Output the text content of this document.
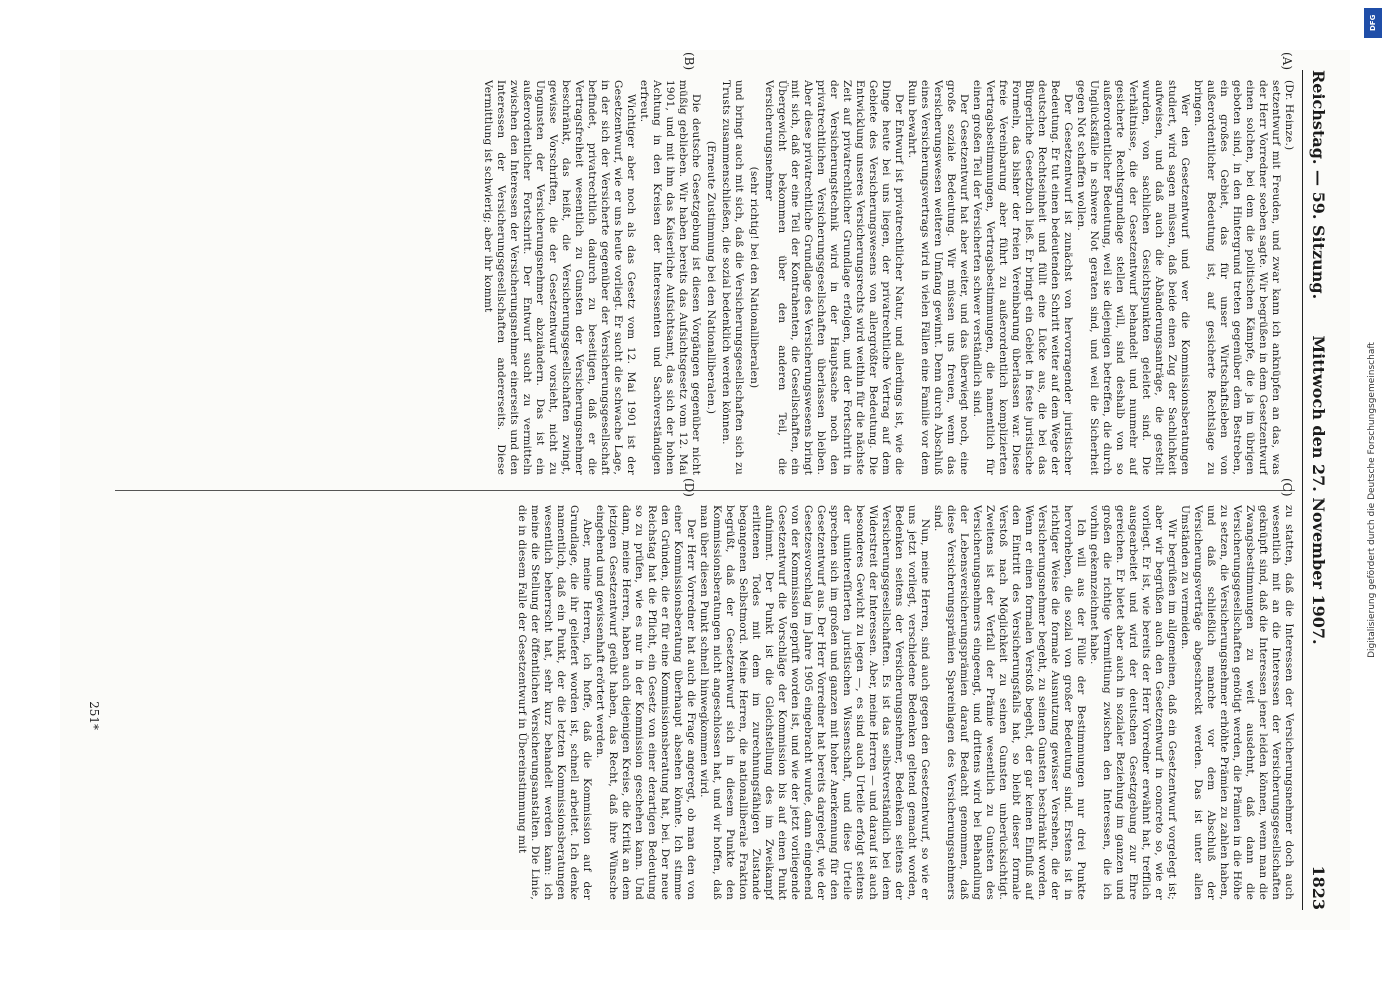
Reichstag. — 59. Sitzung.
Mittwoch den 27. November 1907.
1823

(Dr. Heinze.)

setzentwurf mit Freuden, und zwar kann ich anknüpfen an das, was der Herr Vorredner soeben sagte. Wir begrüßen in dem Gesetzentwurf einen solchen, bei dem die politischen Kämpfe, die ja im übrigen geboten sind, in den Hintergrund treten gegenüber dem Bestreben, ein großes Gebiet, das für unser Wirtschaftsleben von außerordentlicher Bedeutung ist, auf gesicherte Rechtslage zu bringen.

Wer den Gesetzentwurf und wer die Kommissionsberatungen studiert, wird sagen müssen, daß beide einen Zug der Sachlichkeit aufweisen, und daß auch die Abänderungsanträge, die gestellt wurden, von sachlichen Gesichtspunkten geleitet sind. Die Verhältnisse, die der Gesetzentwurf behandelt und nunmehr auf gesicherte Rechtsgrundlage stellen will, sind deshalb von so außerordentlicher Bedeutung, weil sie diejenigen betreffen, die durch Unglücksfälle in schwere Not geraten sind, und weil die Sicherheit gegen Not schaffen wollen.

Der Gesetzentwurf ist zunächst von hervorragender juristischer Bedeutung. Er tut einen bedeutenden Schritt weiter auf dem Wege der deutschen Rechtseinheit und füllt eine Lücke aus, die bei das Bürgerliche Gesetzbuch ließ. Er bringt ein Gebiet in feste juristische Formeln, das bisher der freien Vereinbarung überlassen war. Diese freie Vereinbarung aber führt zu außerordentlich komplizierten Vertragsbestimmungen, Vertragsbestimmungen, die namentlich für einen großen Teil der Versicherten schwer verständlich sind.

Der Gesetzentwurf hat aber weiter, und das überwiegt noch, eine große soziale Bedeutung. Wir müssen uns freuen, wenn das Versicherungswesen weiteren Umfang gewinnt. Denn durch Abschluß eines Versicherungsvertrags wird in vielen Fällen eine Familie vor dem Ruin bewahrt.

Der Entwurf ist privatrechtlicher Natur, und allerdings ist, wie die Dinge heute bei uns liegen, der privatrechtliche Vertrag auf dem Gebiete des Versicherungswesens von allergrößter Bedeutung. Die Entwicklung unseres Versicherungsrechts wird weithin für die nächste Zeit auf privatrechtlicher Grundlage erfolgen, und der Fortschritt in der Versicherungstechnik wird in der Hauptsache noch den privatrechtlichen Versicherungsgesellschaften überlassen bleiben. Aber diese privatrechtliche Grundlage des Versicherungswesens bringt mit sich, daß der eine Teil der Kontrahenten, die Gesellschaften, ein Übergewicht bekommen über den anderen Teil, die Versicherungsnehmer

(sehr richtig! bei den Nationalliberalen)

und bringt auch mit sich, daß die Versicherungsgesellschaften sich zu Trusts zusammenschließen, die sozial bedenklich werden können.

(Erneute Zustimmung bei den Nationalliberalen.)

Die deutsche Gesetzgebung ist diesen Vorgängen gegenüber nicht müßig geblieben. Wir haben bereits das Aufsichtsgesetz vom 12. Mai 1901, und mit ihm das Kaiserliche Aufsichtsamt, das sich der hohen Achtung in den Kreisen der Interessenten und Sachverständigen erfreut.

Wichtiger aber noch als das Gesetz vom 12. Mai 1901 ist der Gesetzentwurf, wie er uns heute vorliegt. Er sucht die schwache Lage, in der sich der Versicherte gegenüber der Versicherungsgesellschaft befindet, privatrechtlich dadurch zu beseitigen, daß er die Vertragsfreiheit wesentlich zu Gunsten der Versicherungsnehmer beschränkt, das heißt, die Versicherungsgesellschaften zwingt, gewisse Vorschriften, die der Gesetzentwurf vorsieht, nicht zu Ungunsten der Versicherungsnehmer abzuändern. Das ist ein außerordentlicher Fortschritt. Der Entwurf sucht zu vermitteln zwischen den Interessen der Versicherungsnehmer einerseits und den Interessen der Versicherungsgesellschaften andererseits. Diese Vermittlung ist schwierig; aber ihr kommt

zu statten, daß die Interessen der Versicherungsnehmer doch auch wesentlich mit an die Interessen der Versicherungsgesellschaften geknüpft sind, daß die Interessen jener leiden können, wenn man die Zwangsbestimmungen zu weit ausdehnt, daß dann die Versicherungsgesellschaften genötigt werden, die Prämien in die Höhe zu setzen, die Versicherungsnehmer erhöhte Prämien zu zahlen haben, und daß schließlich manche vor dem Abschluß der Versicherungsverträge abgeschreckt werden. Das ist unter allen Umständen zu vermeiden.

Wir begrüßen im allgemeinen, daß ein Gesetzentwurf vorgelegt ist; aber wir begrüßen auch den Gesetzentwurf in concreto so, wie er vorliegt. Er ist, wie bereits der Herr Vorredner erwähnt hat, trefflich ausgearbeitet und wird der deutschen Gesetzgebung zur Ehre gereichen. Er bietet aber auch in sozialer Beziehung im ganzen und großen die richtige Vermittlung zwischen den Interessen, die ich vorhin gekennzeichnet habe.

Ich will aus der Fülle der Bestimmungen nur drei Punkte hervorheben, die sozial von großer Bedeutung sind. Erstens ist in richtiger Weise die formale Ausnutzung gewisser Versehen, die der Versicherungsnehmer begeht, zu seinen Gunsten beschränkt worden. Wenn er einen formalen Verstoß begeht, der gar keinen Einfluß auf den Eintritt des Versicherungsfalls hat, so bleibt dieser formale Verstoß nach Möglichkeit zu seinen Gunsten unberücksichtigt. Zweitens ist der Verfall der Prämie wesentlich zu Gunsten des Versicherungsnehmers eingeengt, und drittens wird bei Behandlung der Lebensversicherungsprämien darauf Bedacht genommen, daß diese Versicherungsprämien Spareinlagen des Versicherungsnehmers sind.

Nun, meine Herren, sind auch gegen den Gesetzentwurf, so wie er uns jetzt vorliegt, verschiedene Bedenken geltend gemacht worden, Bedenken seitens der Versicherungsnehmer, Bedenken seitens der Versicherungsgesellschaften. Es ist das selbstverständlich bei dem Widerstreit der Interessen. Aber, meine Herren — und darauf ist auch besonderes Gewicht zu legen —, es sind auch Urteile erfolgt seitens der unintereſſierten juristischen Wissenschaft, und diese Urteile sprechen sich im großen und ganzen mit hoher Anerkennung für den Gesetzentwurf aus. Der Herr Vorredner hat bereits dargelegt, wie der Gesetzesvorschlag im Jahre 1905 eingebracht wurde, dann eingehend von der Kommission geprüft worden ist, und wie der jetzt vorliegende Gesetzentwurf die Vorschläge der Kommission bis auf einen Punkt aufnimmt. Der Punkt ist die Gleichstellung des im Zweikampf erlittenen Todes mit dem im zurechnungsfähigen Zustande begangenen Selbstmord. Meine Herren, die nationalliberale Fraktion begrüßt, daß der Gesetzentwurf sich in diesem Punkte den Kommissionsberatungen nicht angeschlossen hat, und wir hoffen, daß man über diesen Punkt schnell hinwegkommen wird.

Der Herr Vorredner hat auch die Frage angeregt, ob man den von einer Kommissionsberatung überhaupt absehen könnte. Ich stimme den Gründen, die er für eine Kommissionsberatung hat, bei. Der neue Reichstag hat die Pflicht, ein Gesetz von einer derartigen Bedeutung so zu prüfen, wie es nur in der Kommission geschehen kann. Und dann, meine Herren, haben auch diejenigen Kreise, die Kritik an dem jetzigen Gesetzentwurf geübt haben, das Recht, daß ihre Wünsche eingehend und gewissenhaft erörtert werden.

Aber, meine Herren, ich hoffe, daß die Kommission auf der Grundlage, die ihr geliefert worden ist, schnell arbeitet. Ich denke namentlich, daß ein Punkt, der die letzten Kommissionsberatungen wesentlich beherrscht hat, sehr kurz behandelt werden kann: ich meine die Stellung der öffentlichen Versicherungsanstalten. Die Linie, die in diesem Falle der Gesetzentwurf in Übereinstimmung mit

(A)
(B)
(C)
(D)
251*
Digitalisierung gefördert durch die Deutsche Forschungsgemeinschaft
DFG
